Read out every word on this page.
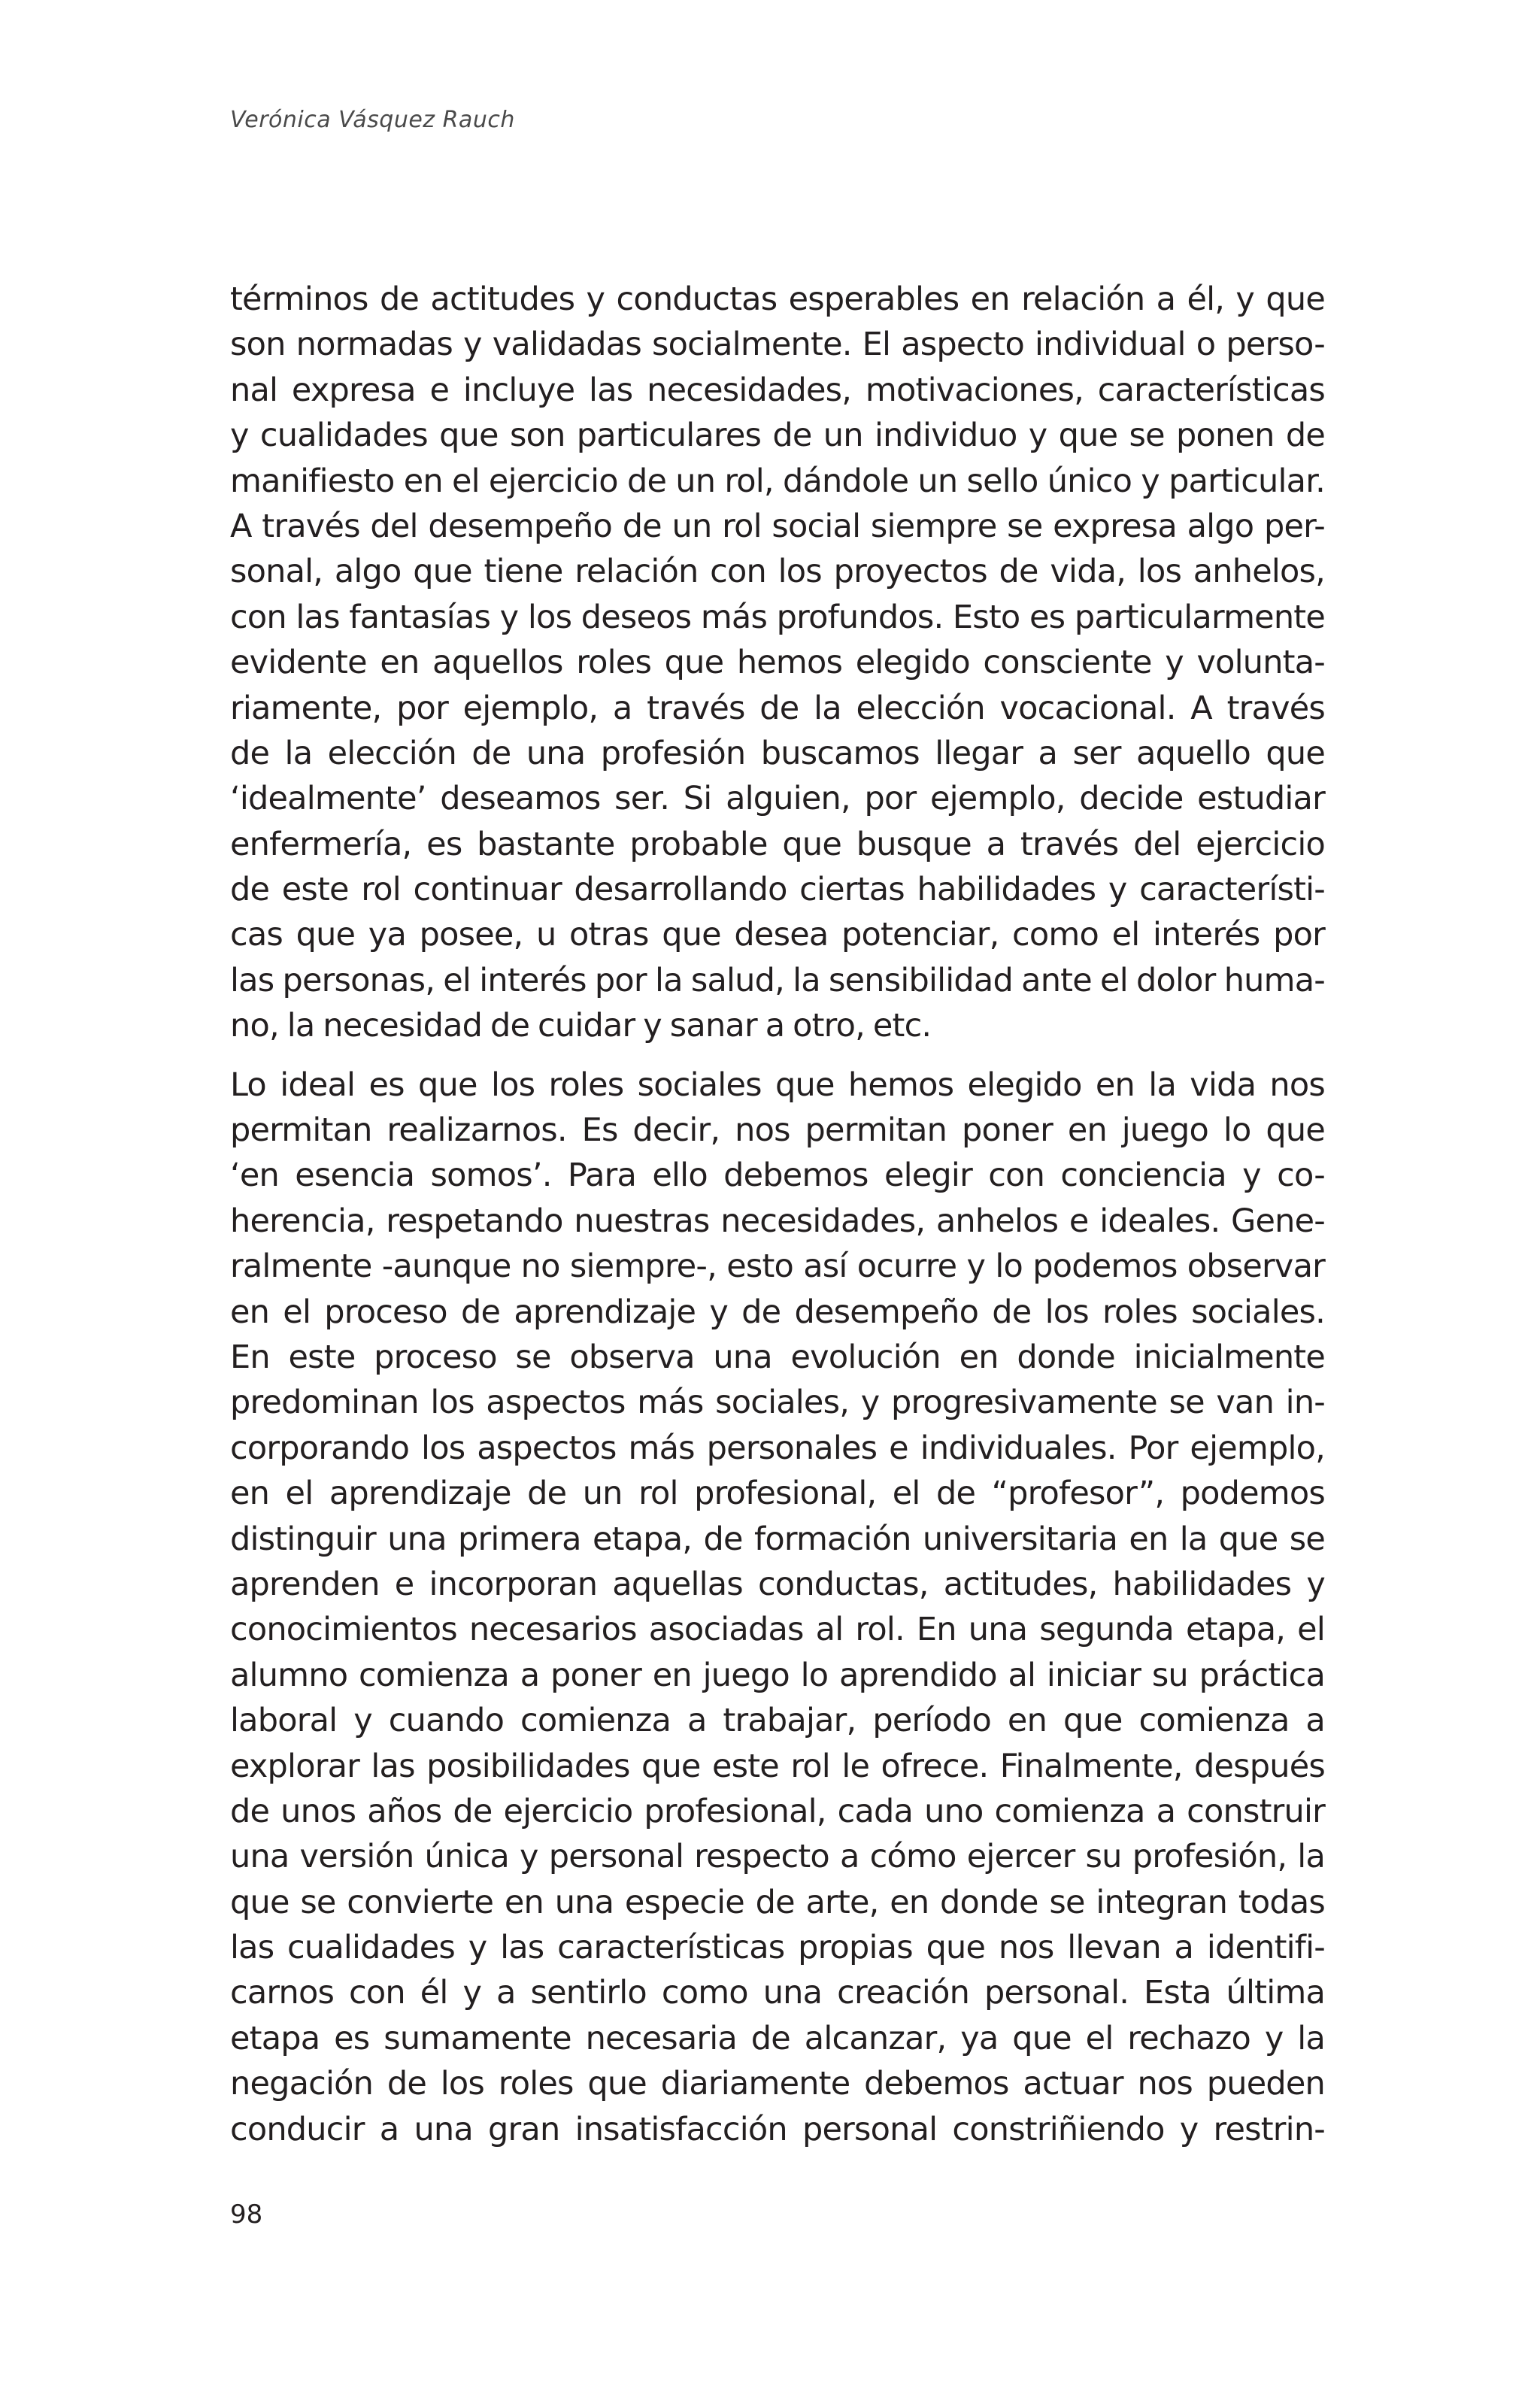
Verónica Vásquez Rauch
términos de actitudes y conductas esperables en relación a él, y que
son normadas y validadas socialmente. El aspecto individual o perso-
nal expresa e incluye las necesidades, motivaciones, características
y cualidades que son particulares de un individuo y que se ponen de
manifiesto en el ejercicio de un rol, dándole un sello único y particular.
A través del desempeño de un rol social siempre se expresa algo per-
sonal, algo que tiene relación con los proyectos de vida, los anhelos,
con las fantasías y los deseos más profundos. Esto es particularmente
evidente en aquellos roles que hemos elegido consciente y volunta-
riamente, por ejemplo, a través de la elección vocacional. A través
de la elección de una profesión buscamos llegar a ser aquello que
‘idealmente’ deseamos ser. Si alguien, por ejemplo, decide estudiar
enfermería, es bastante probable que busque a través del ejercicio
de este rol continuar desarrollando ciertas habilidades y característi-
cas que ya posee, u otras que desea potenciar, como el interés por
las personas, el interés por la salud, la sensibilidad ante el dolor huma-
no, la necesidad de cuidar y sanar a otro, etc.
Lo ideal es que los roles sociales que hemos elegido en la vida nos
permitan realizarnos. Es decir, nos permitan poner en juego lo que
‘en esencia somos’. Para ello debemos elegir con conciencia y co-
herencia, respetando nuestras necesidades, anhelos e ideales. Gene-
ralmente -aunque no siempre-, esto así ocurre y lo podemos observar
en el proceso de aprendizaje y de desempeño de los roles sociales.
En este proceso se observa una evolución en donde inicialmente
predominan los aspectos más sociales, y progresivamente se van in-
corporando los aspectos más personales e individuales. Por ejemplo,
en el aprendizaje de un rol profesional, el de “profesor”, podemos
distinguir una primera etapa, de formación universitaria en la que se
aprenden e incorporan aquellas conductas, actitudes, habilidades y
conocimientos necesarios asociadas al rol. En una segunda etapa, el
alumno comienza a poner en juego lo aprendido al iniciar su práctica
laboral y cuando comienza a trabajar, período en que comienza a
explorar las posibilidades que este rol le ofrece. Finalmente, después
de unos años de ejercicio profesional, cada uno comienza a construir
una versión única y personal respecto a cómo ejercer su profesión, la
que se convierte en una especie de arte, en donde se integran todas
las cualidades y las características propias que nos llevan a identifi-
carnos con él y a sentirlo como una creación personal. Esta última
etapa es sumamente necesaria de alcanzar, ya que el rechazo y la
negación de los roles que diariamente debemos actuar nos pueden
conducir a una gran insatisfacción personal constriñiendo y restrin-
98
